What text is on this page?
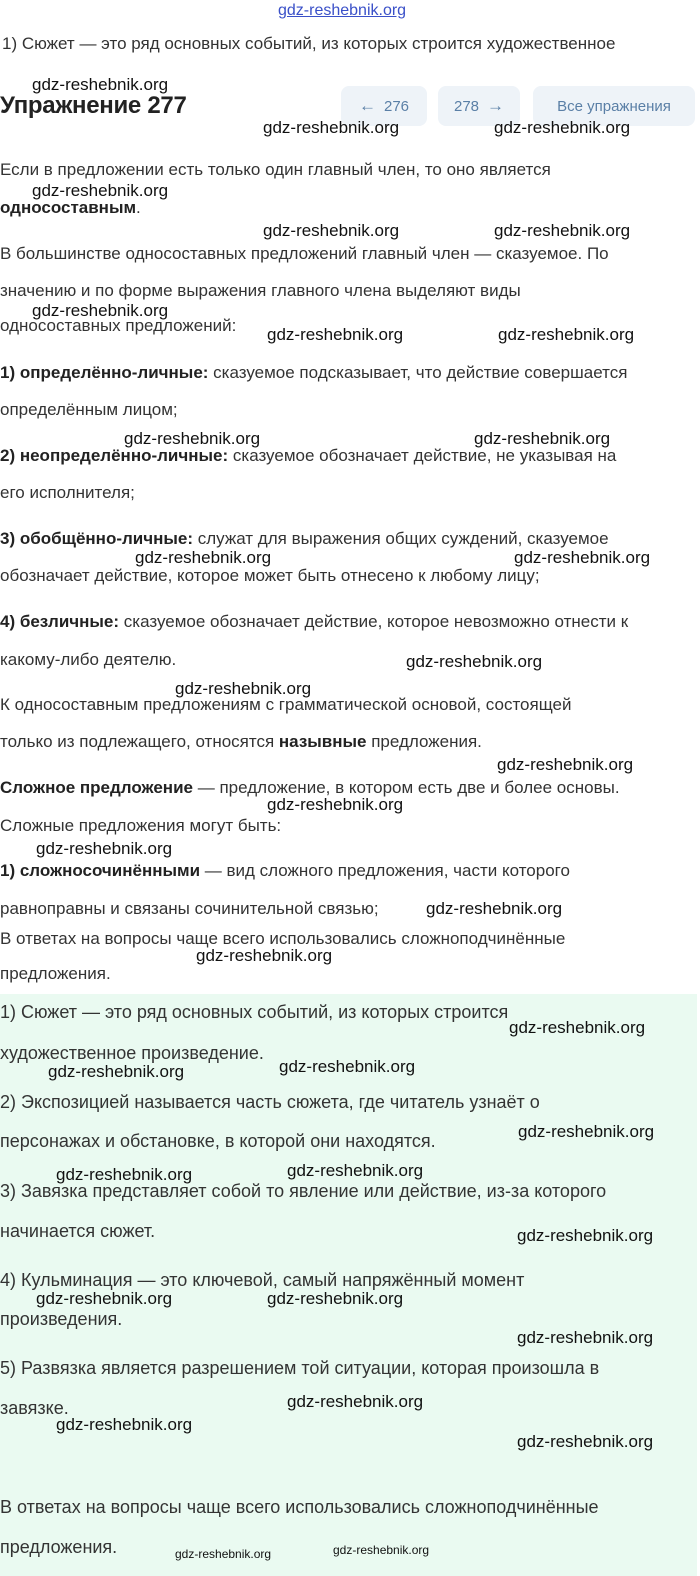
gdz-reshebnik.org
1) Сюжет — это ряд основных событий, из которых строится художественное
Упражнение 277	← 276	278 →	Все упражнения
Если в предложении есть только один главный член, то оно является
односоставным.
В большинстве односоставных предложений главный член — сказуемое. По
значению и по форме выражения главного члена выделяют виды
односоставных предложений:
1) определённо-личные: сказуемое подсказывает, что действие совершается
определённым лицом;
2) неопределённо-личные: сказуемое обозначает действие, не указывая на
его исполнителя;
3) обобщённо-личные: служат для выражения общих суждений, сказуемое
обозначает действие, которое может быть отнесено к любому лицу;
4) безличные: сказуемое обозначает действие, которое невозможно отнести к
какому-либо деятелю.
К односоставным предложениям с грамматической основой, состоящей
только из подлежащего, относятся назывные предложения.
Сложное предложение — предложение, в котором есть две и более основы.
Сложные предложения могут быть:
1) сложносочинёнными — вид сложного предложения, части которого
равноправны и связаны сочинительной связью;
В ответах на вопросы чаще всего использовались сложноподчинённые
предложения.
1) Сюжет — это ряд основных событий, из которых строится
художественное произведение.
2) Экспозицией называется часть сюжета, где читатель узнаёт о
персонажах и обстановке, в которой они находятся.
3) Завязка представляет собой то явление или действие, из-за которого
начинается сюжет.
4) Кульминация — это ключевой, самый напряжённый момент
произведения.
5) Развязка является разрешением той ситуации, которая произошла в
завязке.
В ответах на вопросы чаще всего использовались сложноподчинённые
предложения.
gdz-reshebnik.org
gdz-reshebnik.org	gdz-reshebnik.org
gdz-reshebnik.org
gdz-reshebnik.org	gdz-reshebnik.org
gdz-reshebnik.org
gdz-reshebnik.org	gdz-reshebnik.org
gdz-reshebnik.org	gdz-reshebnik.org
gdz-reshebnik.org	gdz-reshebnik.org
gdz-reshebnik.org
gdz-reshebnik.org
gdz-reshebnik.org
gdz-reshebnik.org
gdz-reshebnik.org
gdz-reshebnik.org
gdz-reshebnik.org
gdz-reshebnik.org
gdz-reshebnik.org
gdz-reshebnik.org
gdz-reshebnik.org
gdz-reshebnik.org
gdz-reshebnik.org
gdz-reshebnik.org
gdz-reshebnik.org	gdz-reshebnik.org
gdz-reshebnik.org
gdz-reshebnik.org
gdz-reshebnik.org
gdz-reshebnik.org
gdz-reshebnik.org	gdz-reshebnik.org
